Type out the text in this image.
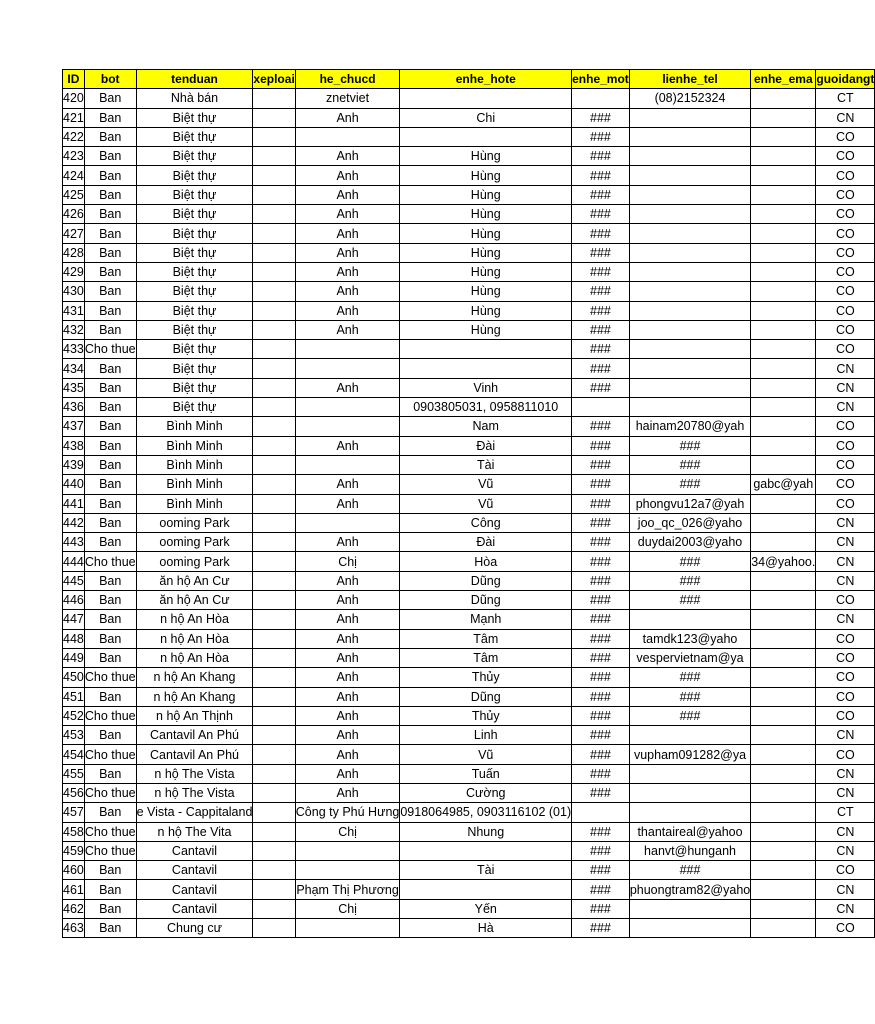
ID	bot	tenduan	xeploai	he_chucd	enhe_hote	enhe_mot	lienhe_tel	enhe_ema	guoidangt
420	Ban	Nhà bán		znetviet			(08)2152324		CT
421	Ban	Biệt thự		Anh	Chi	###			CN
422	Ban	Biệt thự				###			CO
423	Ban	Biệt thự		Anh	Hùng	###			CO
424	Ban	Biệt thự		Anh	Hùng	###			CO
425	Ban	Biệt thự		Anh	Hùng	###			CO
426	Ban	Biệt thự		Anh	Hùng	###			CO
427	Ban	Biệt thự		Anh	Hùng	###			CO
428	Ban	Biệt thự		Anh	Hùng	###			CO
429	Ban	Biệt thự		Anh	Hùng	###			CO
430	Ban	Biệt thự		Anh	Hùng	###			CO
431	Ban	Biệt thự		Anh	Hùng	###			CO
432	Ban	Biệt thự		Anh	Hùng	###			CO
433	Cho thue	Biệt thự				###			CO
434	Ban	Biệt thự				###			CN
435	Ban	Biệt thự		Anh	Vinh	###			CN
436	Ban	Biệt thự			0903805031, 0958811010				CN
437	Ban	Bình Minh			Nam	###	hainam20780@yah		CO
438	Ban	Bình Minh		Anh	Đài	###	###		CO
439	Ban	Bình Minh			Tài	###	###		CO
440	Ban	Bình Minh		Anh	Vũ	###	###	gabc@yah	CO
441	Ban	Bình Minh		Anh	Vũ	###	phongvu12a7@yah		CO
442	Ban	ooming Park			Công	###	joo_qc_026@yaho		CN
443	Ban	ooming Park		Anh	Đài	###	duydai2003@yaho		CN
444	Cho thue	ooming Park		Chị	Hòa	###	###	34@yahoo.	CN
445	Ban	ăn hộ An Cư		Anh	Dũng	###	###		CN
446	Ban	ăn hộ An Cư		Anh	Dũng	###	###		CO
447	Ban	n hộ An Hòa		Anh	Mạnh	###			CN
448	Ban	n hộ An Hòa		Anh	Tâm	###	tamdk123@yaho		CO
449	Ban	n hộ An Hòa		Anh	Tâm	###	vespervietnam@ya		CO
450	Cho thue	n hộ An Khang		Anh	Thủy	###	###		CO
451	Ban	n hộ An Khang		Anh	Dũng	###	###		CO
452	Cho thue	n hộ An Thịnh		Anh	Thủy	###	###		CO
453	Ban	Cantavil An Phú		Anh	Linh	###			CN
454	Cho thue	Cantavil An Phú		Anh	Vũ	###	vupham091282@ya		CO
455	Ban	n hộ The Vista		Anh	Tuấn	###			CN
456	Cho thue	n hộ The Vista		Anh	Cường	###			CN
457	Ban	e Vista - Cappitaland		Công ty Phú Hưng	0918064985, 0903116102 (01)				CT
458	Cho thue	n hộ The Vita		Chị	Nhung	###	thantaireal@yahoo		CN
459	Cho thue	Cantavil				###	hanvt@hunganh		CN
460	Ban	Cantavil			Tài	###	###		CO
461	Ban	Cantavil		Phạm Thị Phương		###	phuongtram82@yaho		CN
462	Ban	Cantavil		Chị	Yến	###			CN
463	Ban	Chung cư			Hà	###			CO
